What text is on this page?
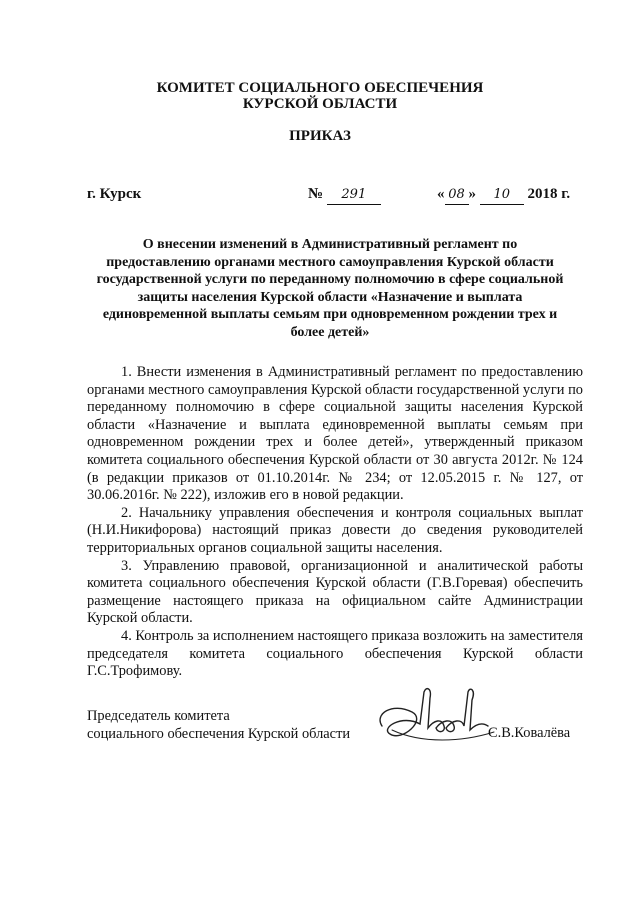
КОМИТЕТ СОЦИАЛЬНОГО ОБЕСПЕЧЕНИЯ
КУРСКОЙ ОБЛАСТИ
ПРИКАЗ
г. Курск	№ 291	« 08 » 10 2018 г.
О внесении изменений в Административный регламент по предоставлению органами местного самоуправления Курской области государственной услуги по переданному полномочию в сфере социальной защиты населения Курской области «Назначение и выплата единовременной выплаты семьям при одновременном рождении трех и более детей»

1. Внести изменения в Административный регламент по предоставлению органами местного самоуправления Курской области государственной услуги по переданному полномочию в сфере социальной защиты населения Курской области «Назначение и выплата единовременной выплаты семьям при одновременном рождении трех и более детей», утвержденный приказом комитета социального обеспечения Курской области от 30 августа 2012г. № 124 (в редакции приказов от 01.10.2014г. № 234; от 12.05.2015 г. № 127, от 30.06.2016г. № 222), изложив его в новой редакции.

2. Начальнику управления обеспечения и контроля социальных выплат (Н.И.Никифорова) настоящий приказ довести до сведения руководителей территориальных органов социальной защиты населения.

3. Управлению правовой, организационной и аналитической работы комитета социального обеспечения Курской области (Г.В.Горевая) обеспечить размещение настоящего приказа на официальном сайте Администрации Курской области.

4. Контроль за исполнением настоящего приказа возложить на заместителя председателя комитета социального обеспечения Курской области Г.С.Трофимову.

Председатель комитета
социального обеспечения Курской области	С.В.Ковалёва
